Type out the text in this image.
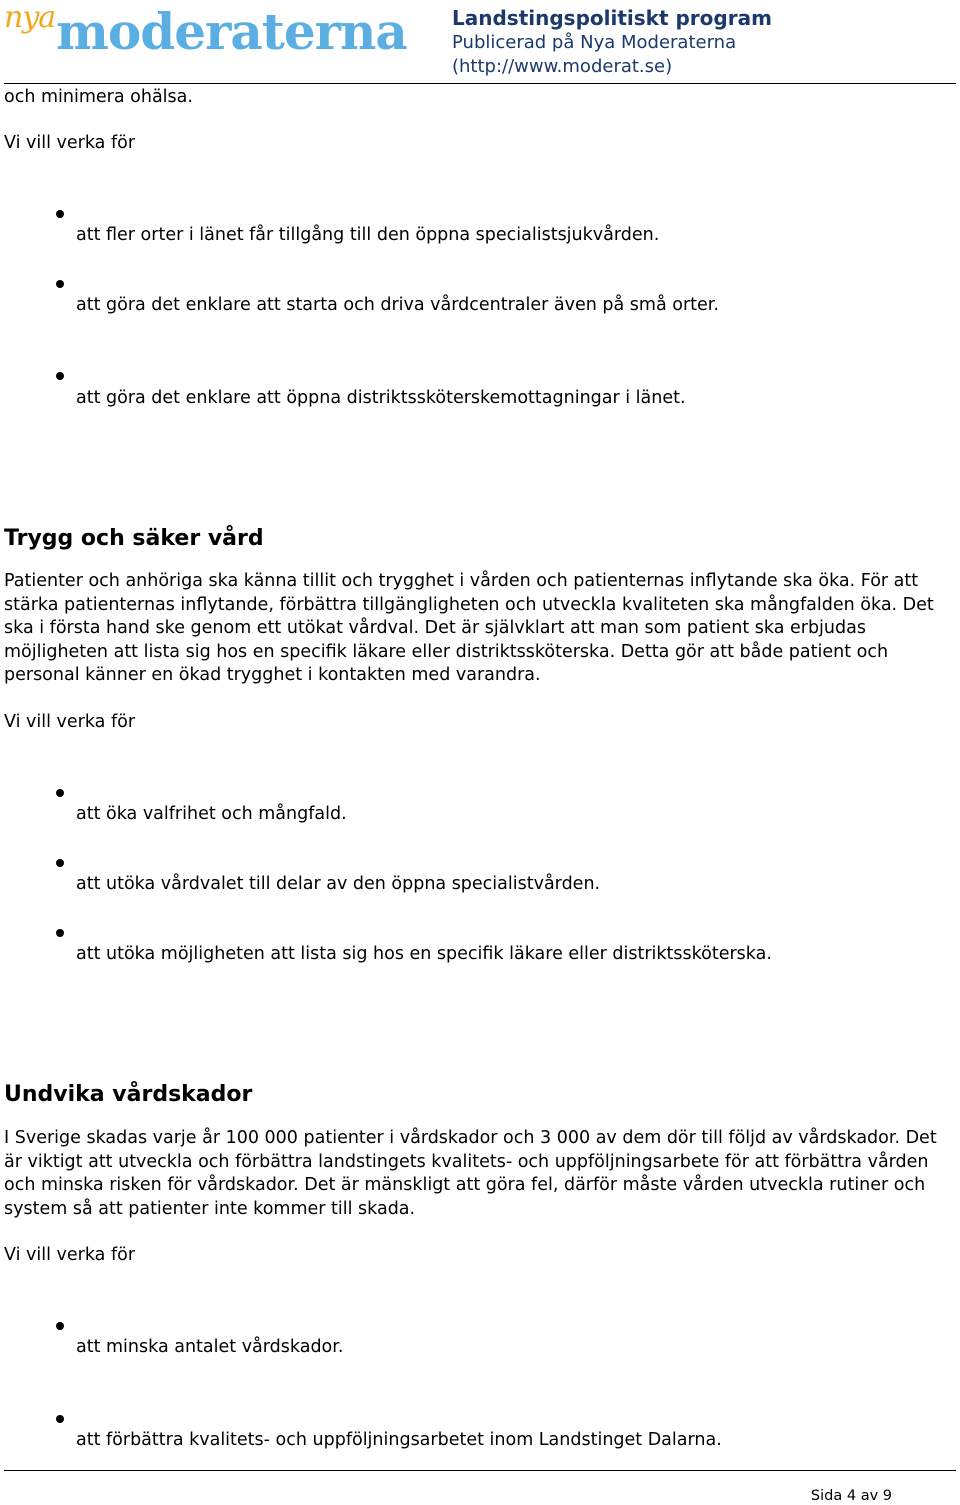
nya moderaterna Landstingspolitiskt program
Publicerad på Nya Moderaterna (http://www.moderat.se)
och minimera ohälsa.
Vi vill verka för
att fler orter i länet får tillgång till den öppna specialistsjukvården.
att göra det enklare att starta och driva vårdcentraler även på små orter.
att göra det enklare att öppna distriktssköterskemottagningar i länet.
Trygg och säker vård

Patienter och anhöriga ska känna tillit och trygghet i vården och patienternas inflytande ska öka. För att stärka patienternas inflytande, förbättra tillgängligheten och utveckla kvaliteten ska mångfalden öka. Det ska i första hand ske genom ett utökat vårdval. Det är självklart att man som patient ska erbjudas möjligheten att lista sig hos en specifik läkare eller distriktssköterska. Detta gör att både patient och personal känner en ökad trygghet i kontakten med varandra.

Vi vill verka för
att öka valfrihet och mångfald.
att utöka vårdvalet till delar av den öppna specialistvården.
att utöka möjligheten att lista sig hos en specifik läkare eller distriktssköterska.
Undvika vårdskador

I Sverige skadas varje år 100 000 patienter i vårdskador och 3 000 av dem dör till följd av vårdskador. Det är viktigt att utveckla och förbättra landstingets kvalitets- och uppföljningsarbete för att förbättra vården och minska risken för vårdskador. Det är mänskligt att göra fel, därför måste vården utveckla rutiner och system så att patienter inte kommer till skada.

Vi vill verka för
att minska antalet vårdskador.
att förbättra kvalitets- och uppföljningsarbetet inom Landstinget Dalarna.
Sida 4 av 9
